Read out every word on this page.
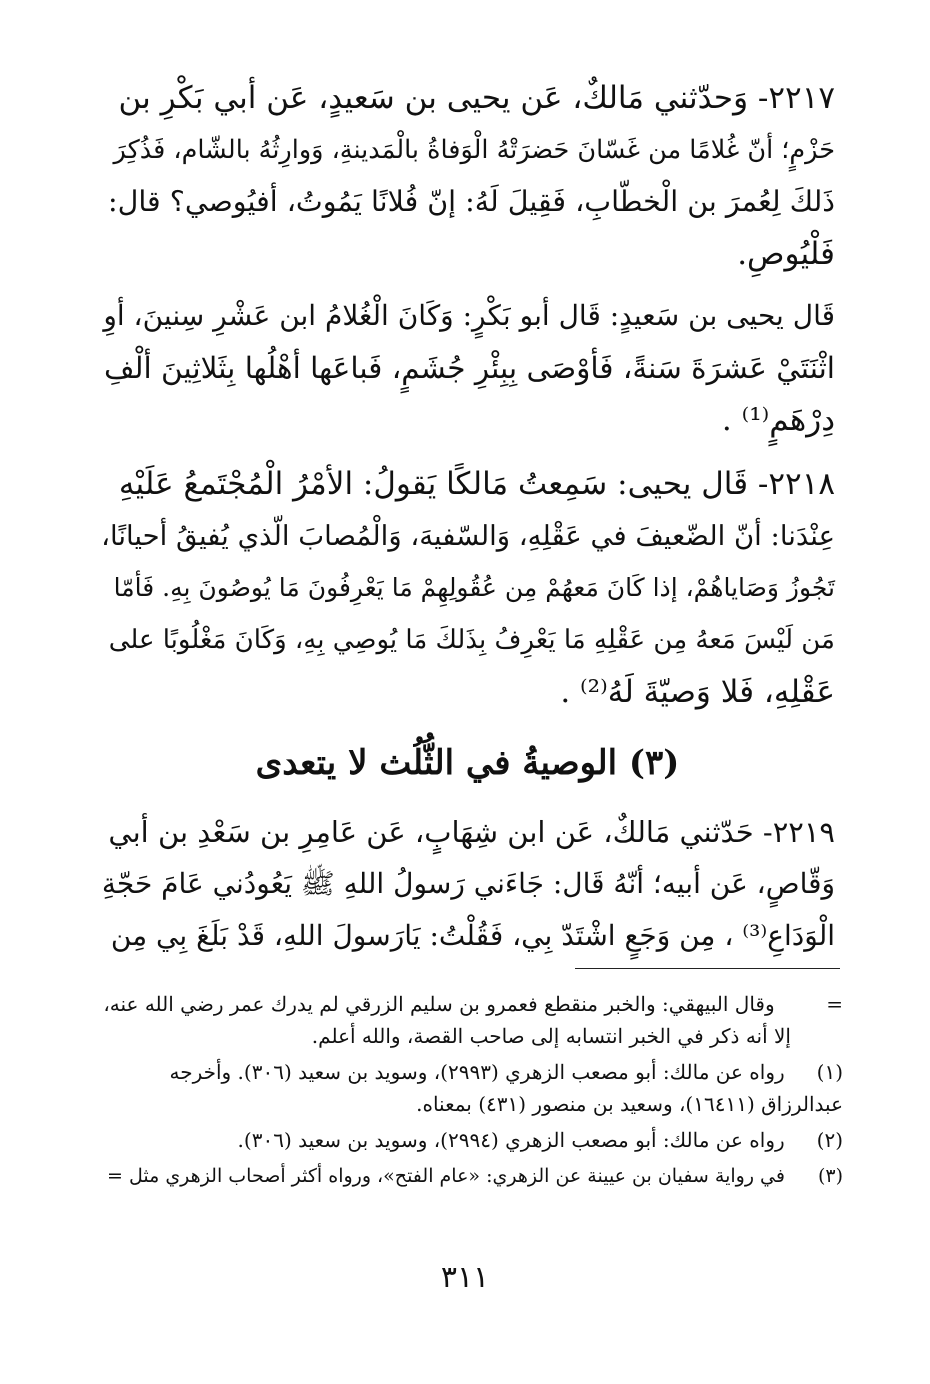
٢٢١٧- وَحدّثني مَالكٌ، عَن يحيى بن سَعيدٍ، عَن أبي بَكْرِ بن
حَزْمٍ؛ أنّ غُلامًا من غَسّانَ حَضرَتْهُ الْوَفاةُ بالْمَدينةِ، وَوارِثُهُ بالشّام، فَذُكِرَ
ذَلكَ لِعُمرَ بن الْخطّابِ، فَقِيلَ لَهُ: إنّ فُلانًا يَمُوتُ، أفيُوصي؟ قال:
فَلْيُوصِ.
قَال يحيى بن سَعيدٍ: قَال أبو بَكْرٍ: وَكَانَ الْغُلامُ ابن عَشْرِ سِنينَ، أوِ
اثْنَتَيْ عَشرَةَ سَنةً، فَأوْصَى بِبِئْرِ جُشَمٍ، فَباعَها أهْلُها بِثَلاثِينَ ألْفِ
دِرْهَمٍ⁽¹⁾ .
٢٢١٨- قَال يحيى: سَمِعتُ مَالكًا يَقولُ: الأمْرُ الْمُجْتَمعُ عَلَيْهِ
عِنْدَنا: أنّ الضّعيفَ في عَقْلِهِ، وَالسّفيهَ، وَالْمُصابَ الّذي يُفيقُ أحيانًا،
تَجُوزُ وَصَاياهُمْ، إذا كَانَ مَعهُمْ مِن عُقُولِهِمْ مَا يَعْرِفُونَ مَا يُوصُونَ بِهِ. فَأمّا
مَن لَيْسَ مَعهُ مِن عَقْلِهِ مَا يَعْرِفُ بِذَلكَ مَا يُوصِي بِهِ، وَكَانَ مَغْلُوبًا على
عَقْلِهِ، فَلا وَصيّةَ لَهُ⁽²⁾ .
(٣) الوصيةُ في الثُّلُث لا يتعدى
٢٢١٩- حَدّثني مَالكٌ، عَن ابن شِهَابٍ، عَن عَامِرِ بن سَعْدِ بن أبي
وَقّاصٍ، عَن أبيه؛ أنّهُ قَال: جَاءَني رَسولُ اللهِ ﷺ يَعُودُني عَامَ حَجّةِ
الْوَدَاعِ⁽³⁾ ، مِن وَجَعٍ اشْتَدّ بِي، فَقُلْتُ: يَارَسولَ اللهِ، قَدْ بَلَغَ بِي مِن
= وقال البيهقي: والخبر منقطع فعمرو بن سليم الزرقي لم يدرك عمر رضي الله عنه،
إلا أنه ذكر في الخبر انتسابه إلى صاحب القصة، والله أعلم.
(١) رواه عن مالك: أبو مصعب الزهري (٢٩٩٣)، وسويد بن سعيد (٣٠٦). وأخرجه
عبدالرزاق (١٦٤١١)، وسعيد بن منصور (٤٣١) بمعناه.
(٢) رواه عن مالك: أبو مصعب الزهري (٢٩٩٤)، وسويد بن سعيد (٣٠٦).
(٣) في رواية سفيان بن عيينة عن الزهري: «عام الفتح»، ورواه أكثر أصحاب الزهري مثل =
٣١١
